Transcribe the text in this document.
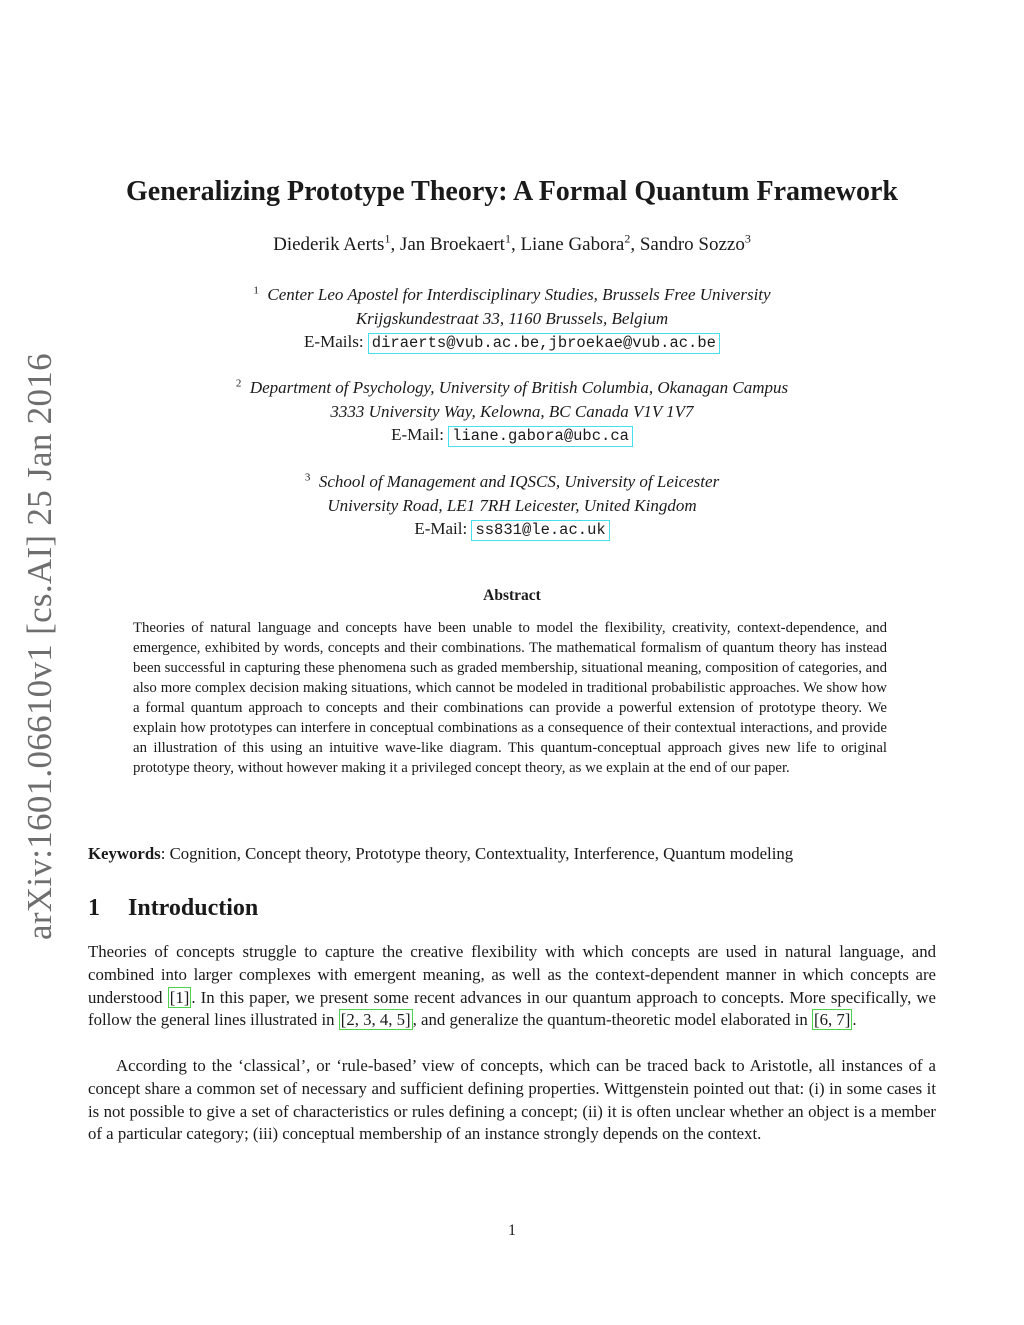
arXiv:1601.06610v1 [cs.AI] 25 Jan 2016
Generalizing Prototype Theory: A Formal Quantum Framework
Diederik Aerts$^1$, Jan Broekaert$^1$, Liane Gabora$^2$, Sandro Sozzo$^3$
$^1$ Center Leo Apostel for Interdisciplinary Studies, Brussels Free University
Krijgskundestraat 33, 1160 Brussels, Belgium
E-Mails: diraerts@vub.ac.be,jbroekae@vub.ac.be
$^2$ Department of Psychology, University of British Columbia, Okanagan Campus
3333 University Way, Kelowna, BC Canada V1V 1V7
E-Mail: liane.gabora@ubc.ca
$^3$ School of Management and IQSCS, University of Leicester
University Road, LE1 7RH Leicester, United Kingdom
E-Mail: ss831@le.ac.uk
Abstract

Theories of natural language and concepts have been unable to model the flexibility, creativity, context-dependence, and emergence, exhibited by words, concepts and their combinations. The mathematical formalism of quantum theory has instead been successful in capturing these phenomena such as graded membership, situational meaning, composition of categories, and also more complex decision making situations, which cannot be modeled in traditional probabilistic approaches. We show how a formal quantum approach to concepts and their combinations can provide a powerful extension of prototype theory. We explain how prototypes can interfere in conceptual combinations as a consequence of their contextual interactions, and provide an illustration of this using an intuitive wave-like diagram. This quantum-conceptual approach gives new life to original prototype theory, without however making it a privileged concept theory, as we explain at the end of our paper.

Keywords: Cognition, Concept theory, Prototype theory, Contextuality, Interference, Quantum modeling
1 Introduction

Theories of concepts struggle to capture the creative flexibility with which concepts are used in natural language, and combined into larger complexes with emergent meaning, as well as the context-dependent manner in which concepts are understood [1] . In this paper, we present some recent advances in our quantum approach to concepts. More specifically, we follow the general lines illustrated in [2, 3, 4, 5] , and generalize the quantum-theoretic model elaborated in [6, 7] .

According to the ‘classical’, or ‘rule-based’ view of concepts, which can be traced back to Aristotle, all instances of a concept share a common set of necessary and sufficient defining properties. Wittgenstein pointed out that: (i) in some cases it is not possible to give a set of characteristics or rules defining a concept; (ii) it is often unclear whether an object is a member of a particular category; (iii) conceptual membership of an instance strongly depends on the context.

1
